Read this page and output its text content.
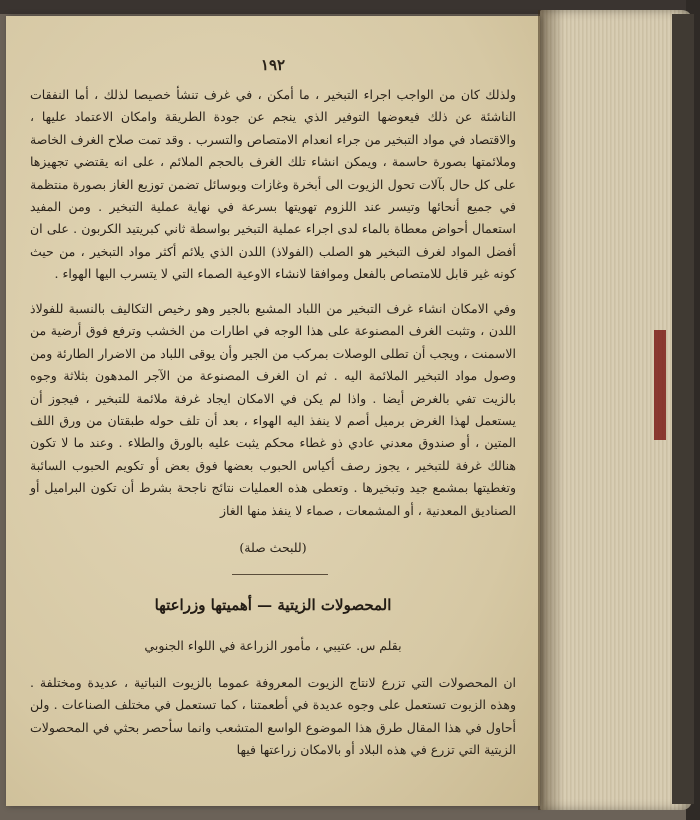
١٩٢
ولذلك كان من الواجب اجراء التبخير ، ما أمكن ، في غرف تنشأ خصيصا لذلك ، أما النفقات الناشئة عن ذلك فيعوضها التوفير الذي ينجم عن جودة الطريقة وامكان الاعتماد عليها ، والاقتصاد في مواد التبخير من جراء انعدام الامتصاص والتسرب . وقد تمت صلاح الغرف الخاصة وملائمتها بصورة حاسمة ، ويمكن انشاء تلك الغرف بالحجم الملائم ، على انه يقتضي تجهيزها على كل حال بآلات تحول الزيوت الى أبخرة وغازات وبوسائل تضمن توزيع الغاز بصورة منتظمة في جميع أنحائها وتيسر عند اللزوم تهويتها بسرعة في نهاية عملية التبخير . ومن المفيد استعمال أحواض معطاة بالماء لدى اجراء عملية التبخير بواسطة ثاني كبريتيد الكربون . على ان أفضل المواد لغرف التبخير هو الصلب (الفولاذ) اللدن الذي يلائم أكثر مواد التبخير ، من حيث كونه غير قابل للامتصاص بالفعل وموافقا لانشاء الاوعية الصماء التي لا يتسرب اليها الهواء .
وفي الامكان انشاء غرف التبخير من اللباد المشبع بالجير وهو رخيص التكاليف بالنسبة للفولاذ اللدن ، وتثبت الغرف المصنوعة على هذا الوجه في اطارات من الخشب وترفع فوق أرضية من الاسمنت ، ويجب أن تطلى الوصلات بمركب من الجير وأن يوقى اللباد من الاضرار الطارئة ومن وصول مواد التبخير الملائمة اليه . ثم ان الغرف المصنوعة من الآجر المدهون بثلاثة وجوه بالزيت تفي بالغرض أيضا . واذا لم يكن في الامكان ايجاد غرفة ملائمة للتبخير ، فيجوز أن يستعمل لهذا الغرض برميل أصم لا ينفذ اليه الهواء ، بعد أن تلف حوله طبقتان من ورق اللف المتين ، أو صندوق معدني عادي ذو غطاء محكم يثبت عليه بالورق والطلاء . وعند ما لا تكون هنالك غرفة للتبخير ، يجوز رصف أكياس الحبوب بعضها فوق بعض أو تكويم الحبوب السائبة وتغطيتها بمشمع جيد وتبخيرها . وتعطى هذه العمليات نتائج ناجحة بشرط أن تكون البراميل أو الصناديق المعدنية ، أو المشمعات ، صماء لا ينفذ منها الغاز
(للبحث صلة)
المحصولات الزيتية — أهميتها وزراعتها
بقلم س. عتيبي ، مأمور الزراعة في اللواء الجنوبي
ان المحصولات التي تزرع لانتاج الزيوت المعروفة عموما بالزيوت النباتية ، عديدة ومختلفة . وهذه الزيوت تستعمل على وجوه عديدة في أطعمتنا ، كما تستعمل في مختلف الصناعات . ولن أحاول في هذا المقال طرق هذا الموضوع الواسع المتشعب وانما سأحصر بحثي في المحصولات الزيتية التي تزرع في هذه البلاد أو بالامكان زراعتها فيها
